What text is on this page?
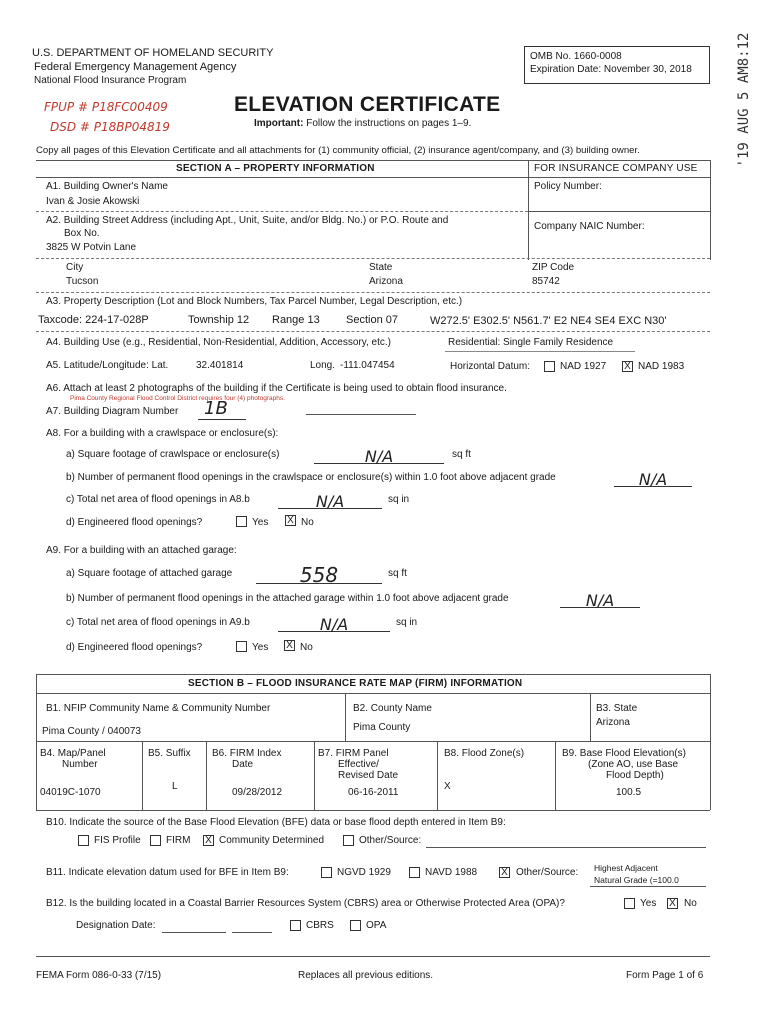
U.S. DEPARTMENT OF HOMELAND SECURITY
Federal Emergency Management Agency
National Flood Insurance Program
OMB No. 1660-0008
Expiration Date: November 30, 2018	'19 AUG 5 AM8:12
FPUP # P18FC00409
DSD # P18BP04819
ELEVATION CERTIFICATE
Important: Follow the instructions on pages 1–9.
Copy all pages of this Elevation Certificate and all attachments for (1) community official, (2) insurance agent/company, and (3) building owner.
SECTION A – PROPERTY INFORMATION	FOR INSURANCE COMPANY USE
A1. Building Owner's Name
Ivan & Josie Akowski
Policy Number:
A2. Building Street Address (including Apt., Unit, Suite, and/or Bldg. No.) or P.O. Route and
Box No.
3825 W Potvin Lane
Company NAIC Number:
City
Tucson
State
Arizona
ZIP Code
85742
A3. Property Description (Lot and Block Numbers, Tax Parcel Number, Legal Description, etc.)
Taxcode: 224-17-028P	Township 12 Range 13 Section 07	W272.5' E302.5' N561.7' E2 NE4 SE4 EXC N30'
A4. Building Use (e.g., Residential, Non-Residential, Addition, Accessory, etc.)	Residential: Single Family Residence
A5. Latitude/Longitude: Lat.	32.401814	Long. -111.047454	Horizontal Datum:	NAD 1927 X NAD 1983
A6. Attach at least 2 photographs of the building if the Certificate is being used to obtain flood insurance.
Pima County Regional Flood Control District requires four (4) photographs.
A7. Building Diagram Number 1B
A8. For a building with a crawlspace or enclosure(s):
a) Square footage of crawlspace or enclosure(s)	N/A	sq ft
b) Number of permanent flood openings in the crawlspace or enclosure(s) within 1.0 foot above adjacent grade	N/A
c) Total net area of flood openings in A8.b	N/A	sq in
d) Engineered flood openings?	Yes X No
A9. For a building with an attached garage:
a) Square footage of attached garage	558	sq ft
b) Number of permanent flood openings in the attached garage within 1.0 foot above adjacent grade	N/A
c) Total net area of flood openings in A9.b	N/A	sq in
d) Engineered flood openings?	Yes X No
SECTION B – FLOOD INSURANCE RATE MAP (FIRM) INFORMATION
B1. NFIP Community Name & Community Number
Pima County / 040073
B2. County Name
Pima County
B3. State
Arizona
B4. Map/Panel
Number
04019C-1070
B5. Suffix
L
B6. FIRM Index
Date
09/28/2012
B7. FIRM Panel
Effective/
Revised Date
06-16-2011
B8. Flood Zone(s)
X
B9. Base Flood Elevation(s)
(Zone AO, use Base
Flood Depth)
100.5
B10. Indicate the source of the Base Flood Elevation (BFE) data or base flood depth entered in Item B9:
FIS Profile	FIRM X Community Determined	Other/Source:
B11. Indicate elevation datum used for BFE in Item B9:	NGVD 1929	NAVD 1988 X Other/Source: Highest Adjacent
Natural Grade (=100.0
B12. Is the building located in a Coastal Barrier Resources System (CBRS) area or Otherwise Protected Area (OPA)?	Yes X No
Designation Date:	CBRS	OPA
FEMA Form 086-0-33 (7/15)	Replaces all previous editions.	Form Page 1 of 6
